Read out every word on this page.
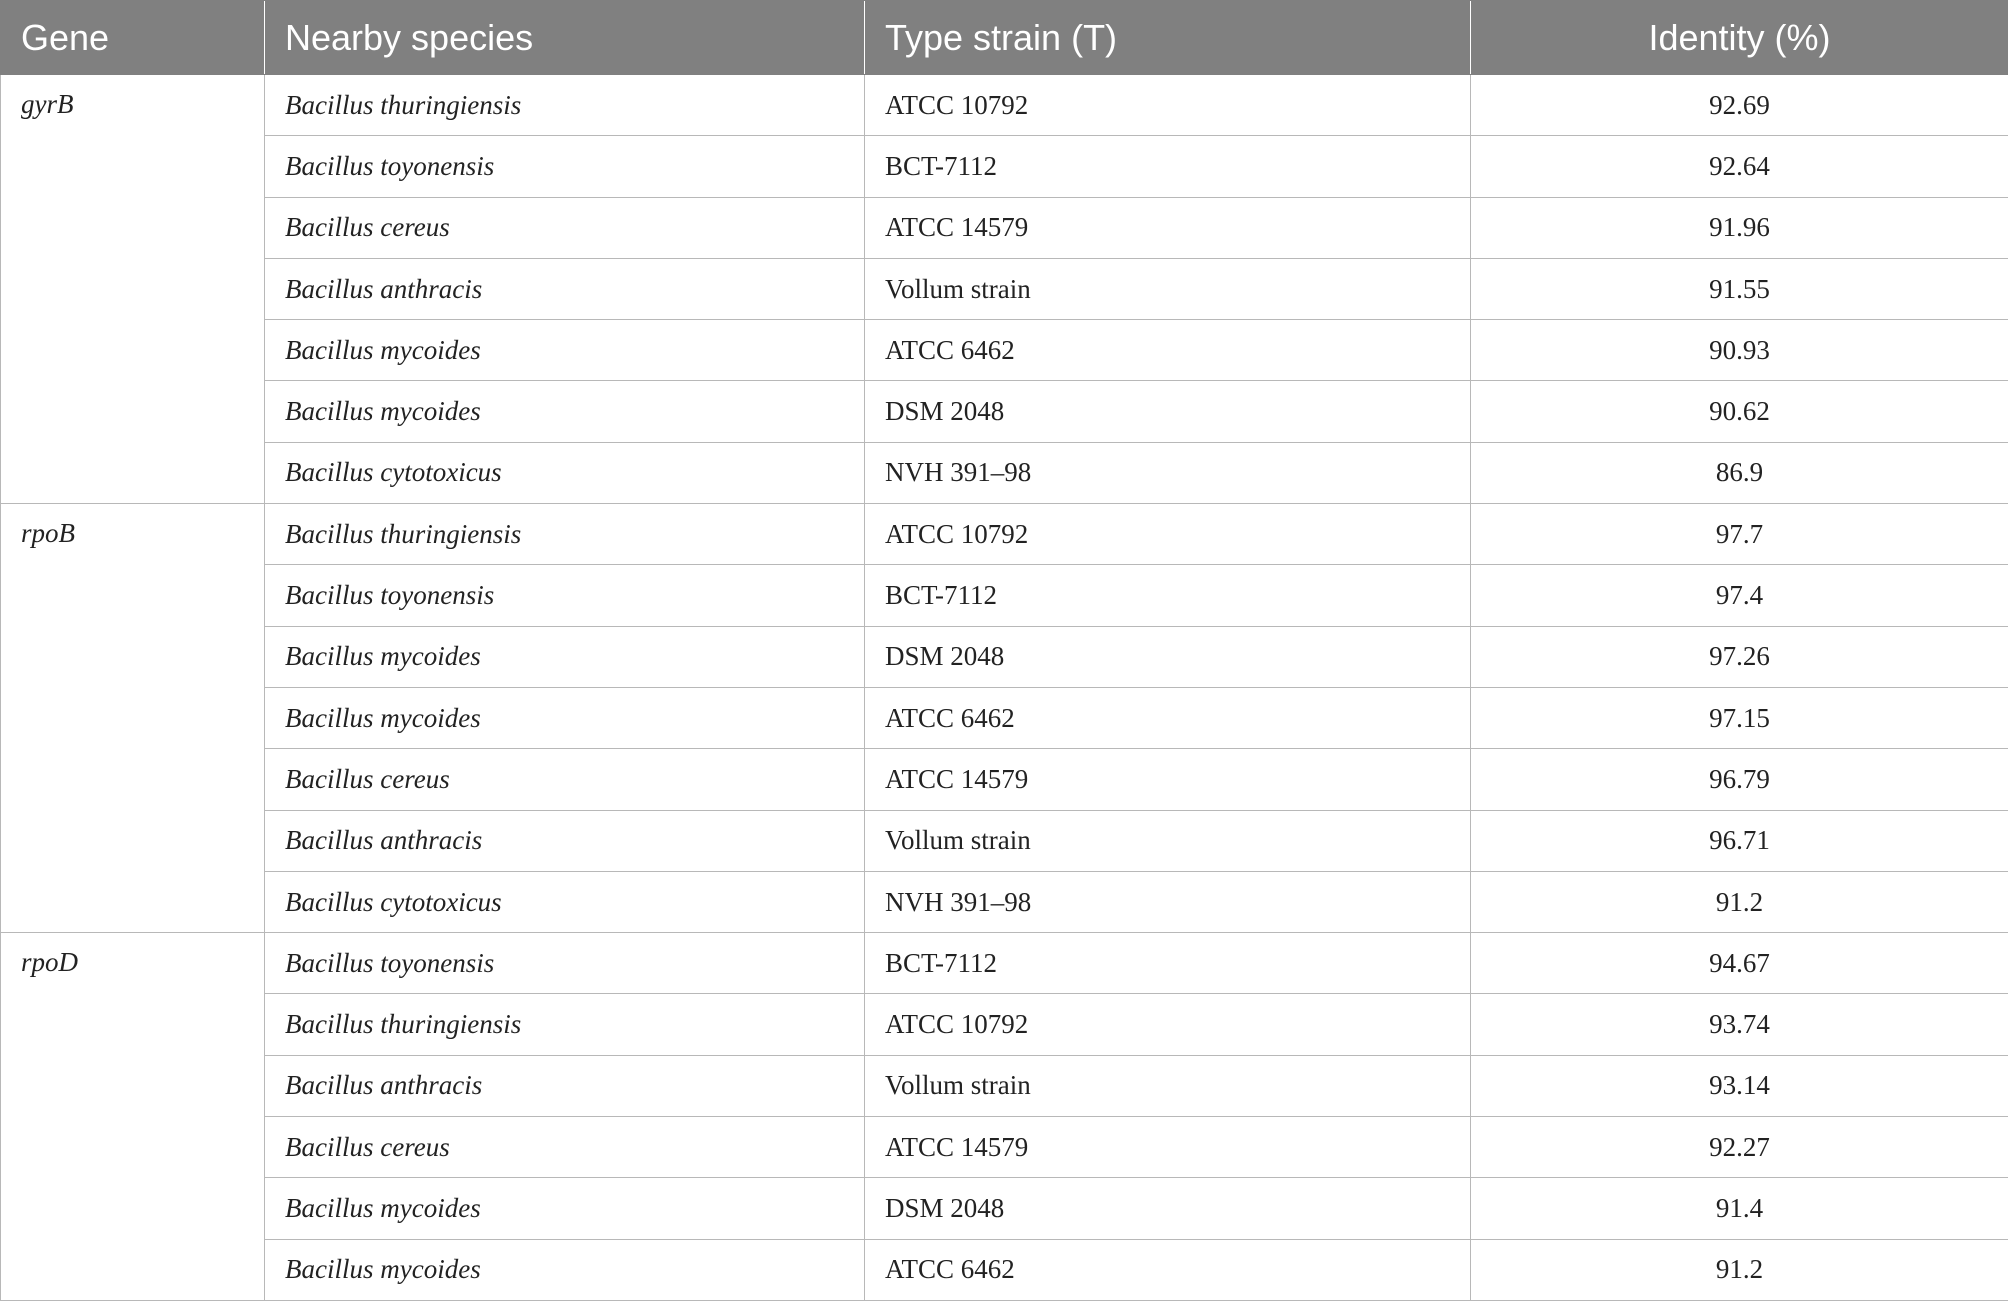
Gene	Nearby species	Type strain (T)	Identity (%)
gyrB	Bacillus thuringiensis	ATCC 10792	92.69
	Bacillus toyonensis	BCT-7112	92.64
	Bacillus cereus	ATCC 14579	91.96
	Bacillus anthracis	Vollum strain	91.55
	Bacillus mycoides	ATCC 6462	90.93
	Bacillus mycoides	DSM 2048	90.62
	Bacillus cytotoxicus	NVH 391–98	86.9
rpoB	Bacillus thuringiensis	ATCC 10792	97.7
	Bacillus toyonensis	BCT-7112	97.4
	Bacillus mycoides	DSM 2048	97.26
	Bacillus mycoides	ATCC 6462	97.15
	Bacillus cereus	ATCC 14579	96.79
	Bacillus anthracis	Vollum strain	96.71
	Bacillus cytotoxicus	NVH 391–98	91.2
rpoD	Bacillus toyonensis	BCT-7112	94.67
	Bacillus thuringiensis	ATCC 10792	93.74
	Bacillus anthracis	Vollum strain	93.14
	Bacillus cereus	ATCC 14579	92.27
	Bacillus mycoides	DSM 2048	91.4
	Bacillus mycoides	ATCC 6462	91.2
